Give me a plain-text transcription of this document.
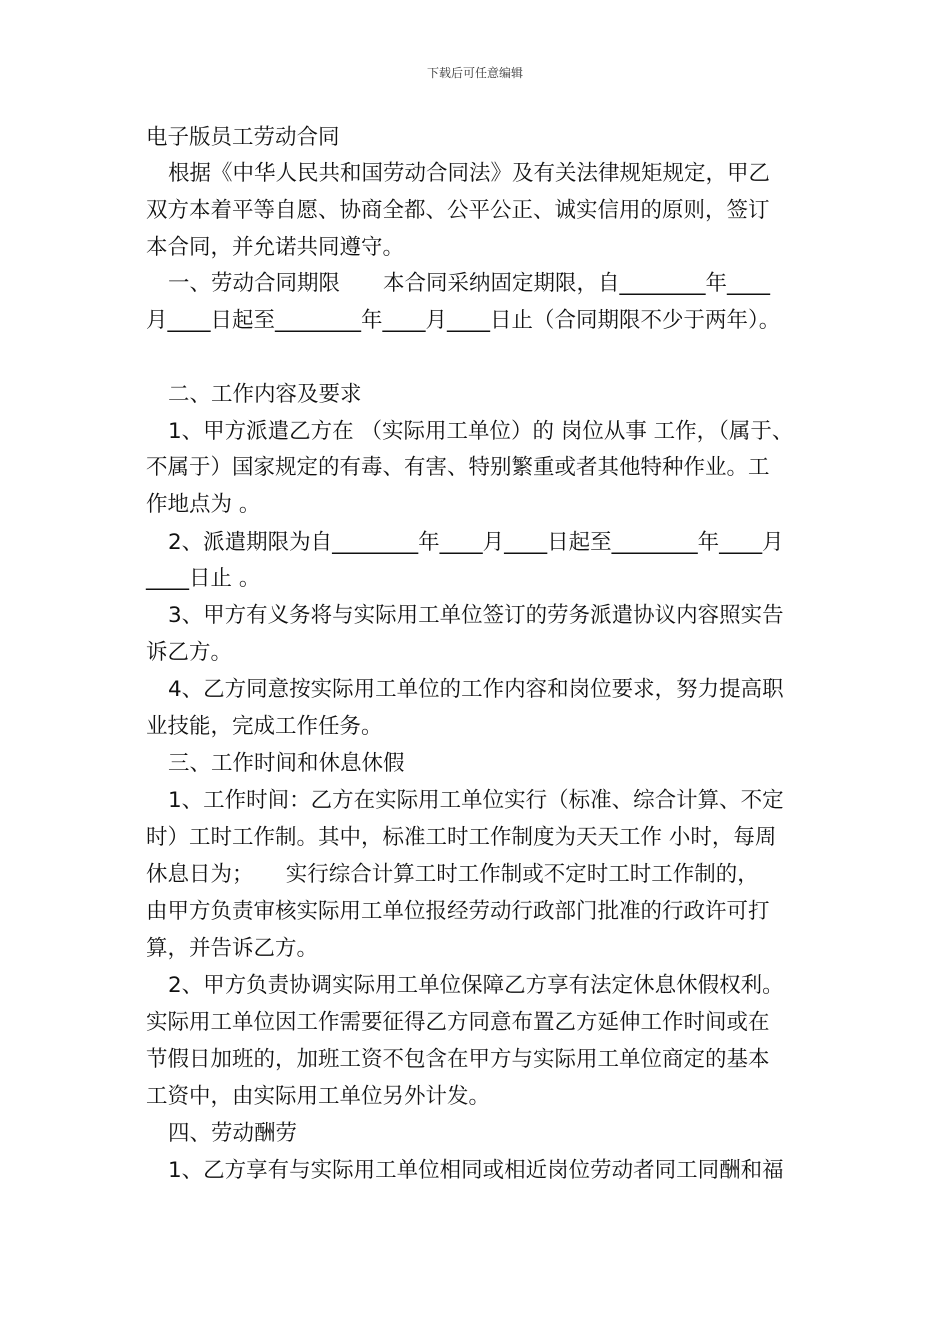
下载后可任意编辑
电子版员工劳动合同
根据《中华人民共和国劳动合同法》及有关法律规矩规定，甲乙
双方本着平等自愿、协商全都、公平公正、诚实信用的原则，签订
本合同，并允诺共同遵守。
一、劳动合同期限　　本合同采纳固定期限，自________年____
月____日起至________年____月____日止（合同期限不少于两年）。
二、工作内容及要求
1、甲方派遣乙方在 （实际用工单位）的 岗位从事 工作，（属于、
不属于）国家规定的有毒、有害、特别繁重或者其他特种作业。工
作地点为 。
2、派遣期限为自________年____月____日起至________年____月
____日止 。
3、甲方有义务将与实际用工单位签订的劳务派遣协议内容照实告
诉乙方。
4、乙方同意按实际用工单位的工作内容和岗位要求，努力提高职
业技能，完成工作任务。
三、工作时间和休息休假
1、工作时间：乙方在实际用工单位实行（标准、综合计算、不定
时）工时工作制。其中，标准工时工作制度为天天工作 小时，每周
休息日为；　　实行综合计算工时工作制或不定时工时工作制的，
由甲方负责审核实际用工单位报经劳动行政部门批准的行政许可打
算，并告诉乙方。
2、甲方负责协调实际用工单位保障乙方享有法定休息休假权利。
实际用工单位因工作需要征得乙方同意布置乙方延伸工作时间或在
节假日加班的，加班工资不包含在甲方与实际用工单位商定的基本
工资中，由实际用工单位另外计发。
四、劳动酬劳
1、乙方享有与实际用工单位相同或相近岗位劳动者同工同酬和福
